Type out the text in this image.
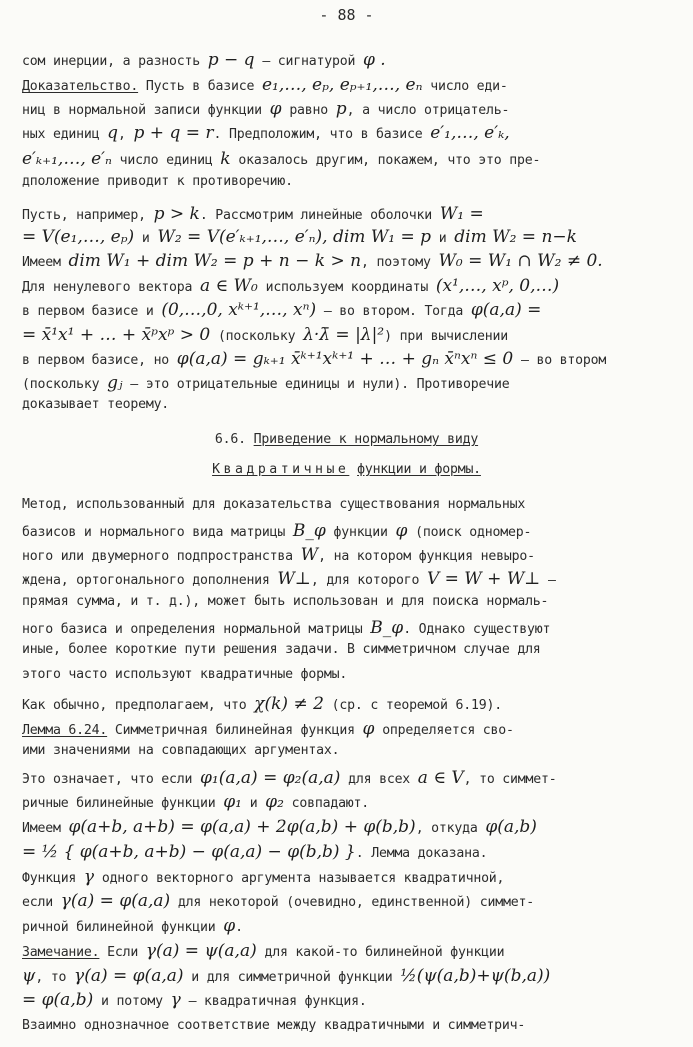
- 88 -
сом инерции, а разность p − q – сигнатурой φ .
Доказательство. Пусть в базисе e₁,…, eₚ, eₚ₊₁,…, eₙ число еди-
ниц в нормальной записи функции φ равно p, а число отрицатель-
ных единиц q, p + q = r. Предположим, что в базисе e′₁,…, e′ₖ,
e′ₖ₊₁,…, e′ₙ число единиц k оказалось другим, покажем, что это пре-
дположение приводит к противоречию.
Пусть, например, p > k. Рассмотрим линейные оболочки W₁ =
= V(e₁,…, eₚ) и W₂ = V(e′ₖ₊₁,…, e′ₙ), dim W₁ = p и dim W₂ = n−k
Имеем dim W₁ + dim W₂ = p + n − k > n, поэтому W₀ = W₁ ∩ W₂ ≠ 0.
Для ненулевого вектора a ∈ W₀ используем координаты (x¹,…, xᵖ, 0,…)
в первом базисе и (0,…,0, xᵏ⁺¹,…, xⁿ) – во втором. Тогда φ(a,a) =
= x̄¹x¹ + … + x̄ᵖxᵖ > 0 (поскольку λ·λ̄ = |λ|²) при вычислении
в первом базисе, но φ(a,a) = gₖ₊₁ x̄ᵏ⁺¹xᵏ⁺¹ + … + gₙ x̄ⁿxⁿ ≤ 0 – во втором
(поскольку gⱼ – это отрицательные единицы и нули). Противоречие
доказывает теорему.
6.6. Приведение к нормальному виду
Квадратичные функции и формы.
Метод, использованный для доказательства существования нормальных
базисов и нормального вида матрицы B_φ функции φ (поиск одномер-
ного или двумерного подпространства W, на котором функция невыро-
ждена, ортогонального дополнения W⊥, для которого V = W + W⊥ –
прямая сумма, и т. д.), может быть использован и для поиска нормаль-
ного базиса и определения нормальной матрицы B_φ. Однако существуют
иные, более короткие пути решения задачи. В симметричном случае для
этого часто используют квадратичные формы.
Как обычно, предполагаем, что χ(k) ≠ 2 (ср. с теоремой 6.19).
Лемма 6.24. Симметричная билинейная функция φ определяется сво-
ими значениями на совпадающих аргументах.
Это означает, что если φ₁(a,a) = φ₂(a,a) для всех a ∈ V, то симмет-
ричные билинейные функции φ₁ и φ₂ совпадают.
Имеем φ(a+b, a+b) = φ(a,a) + 2φ(a,b) + φ(b,b), откуда φ(a,b)
= ½ { φ(a+b, a+b) − φ(a,a) − φ(b,b) }. Лемма доказана.
Функция γ одного векторного аргумента называется квадратичной,
если γ(a) = φ(a,a) для некоторой (очевидно, единственной) симмет-
ричной билинейной функции φ.
Замечание. Если γ(a) = ψ(a,a) для какой-то билинейной функции
ψ, то γ(a) = φ(a,a) и для симметричной функции ½(ψ(a,b)+ψ(b,a))
= φ(a,b) и потому γ – квадратичная функция.
Взаимно однозначное соответствие между квадратичными и симметрич-
